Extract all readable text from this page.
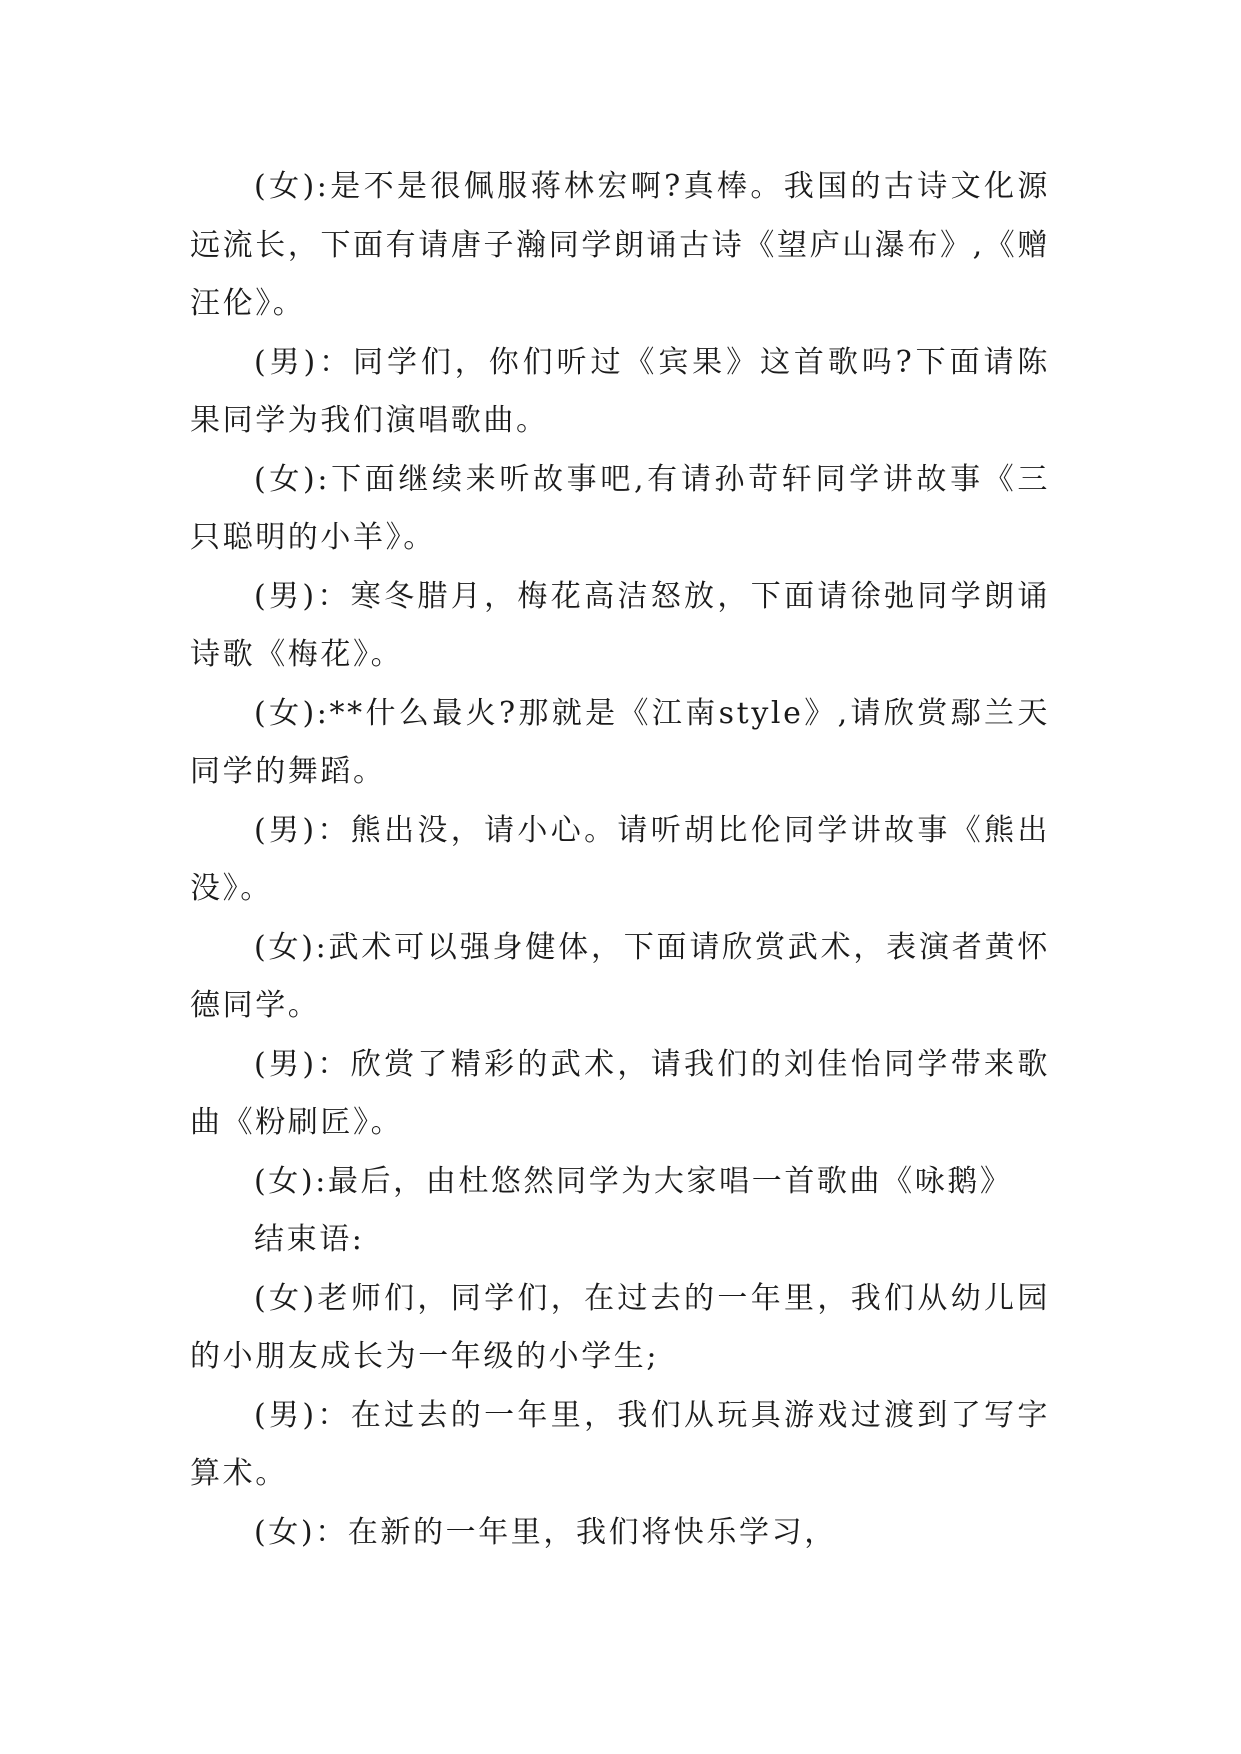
(女):是不是很佩服蒋林宏啊?真棒。我国的古诗文化源远流长，下面有请唐子瀚同学朗诵古诗《望庐山瀑布》,《赠汪伦》。

(男)：同学们，你们听过《宾果》这首歌吗?下面请陈果同学为我们演唱歌曲。

(女):下面继续来听故事吧,有请孙苛轩同学讲故事《三只聪明的小羊》。

(男)：寒冬腊月，梅花高洁怒放，下面请徐弛同学朗诵诗歌《梅花》。

(女):**什么最火?那就是《江南style》,请欣赏鄢兰天同学的舞蹈。

(男)：熊出没，请小心。请听胡比伦同学讲故事《熊出没》。

(女):武术可以强身健体，下面请欣赏武术，表演者黄怀德同学。

(男)：欣赏了精彩的武术，请我们的刘佳怡同学带来歌曲《粉刷匠》。

(女):最后，由杜悠然同学为大家唱一首歌曲《咏鹅》

结束语:

(女)老师们，同学们，在过去的一年里，我们从幼儿园的小朋友成长为一年级的小学生;

(男)：在过去的一年里，我们从玩具游戏过渡到了写字算术。

(女)：在新的一年里，我们将快乐学习，
